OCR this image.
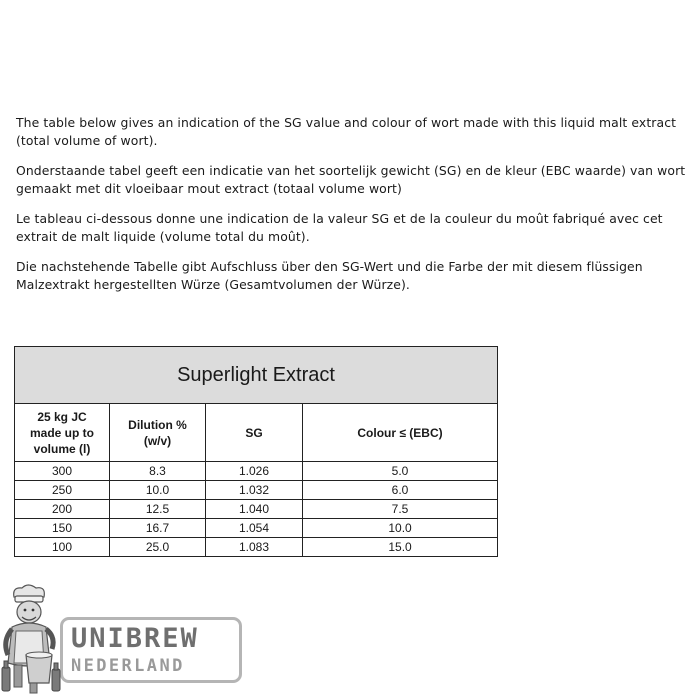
The table below gives an indication of the SG value and colour of wort made with this liquid malt extract (total volume of wort).

Onderstaande tabel geeft een indicatie van het soortelijk gewicht (SG) en de kleur (EBC waarde) van wort gemaakt met dit vloeibaar mout extract (totaal volume wort)

Le tableau ci-dessous donne une indication de la valeur SG et de la couleur du moût fabriqué avec cet extrait de malt liquide (volume total du moût).

Die nachstehende Tabelle gibt Aufschluss über den SG-Wert und die Farbe der mit diesem flüssigen Malzextrakt hergestellten Würze (Gesamtvolumen der Würze).

Superlight Extract			
25 kg JC made up to volume (l)	Dilution % (w/v)	SG	Colour ≤ (EBC)
300	8.3	1.026	5.0
250	10.0	1.032	6.0
200	12.5	1.040	7.5
150	16.7	1.054	10.0
100	25.0	1.083	15.0
UNIBREW
NEDERLAND
